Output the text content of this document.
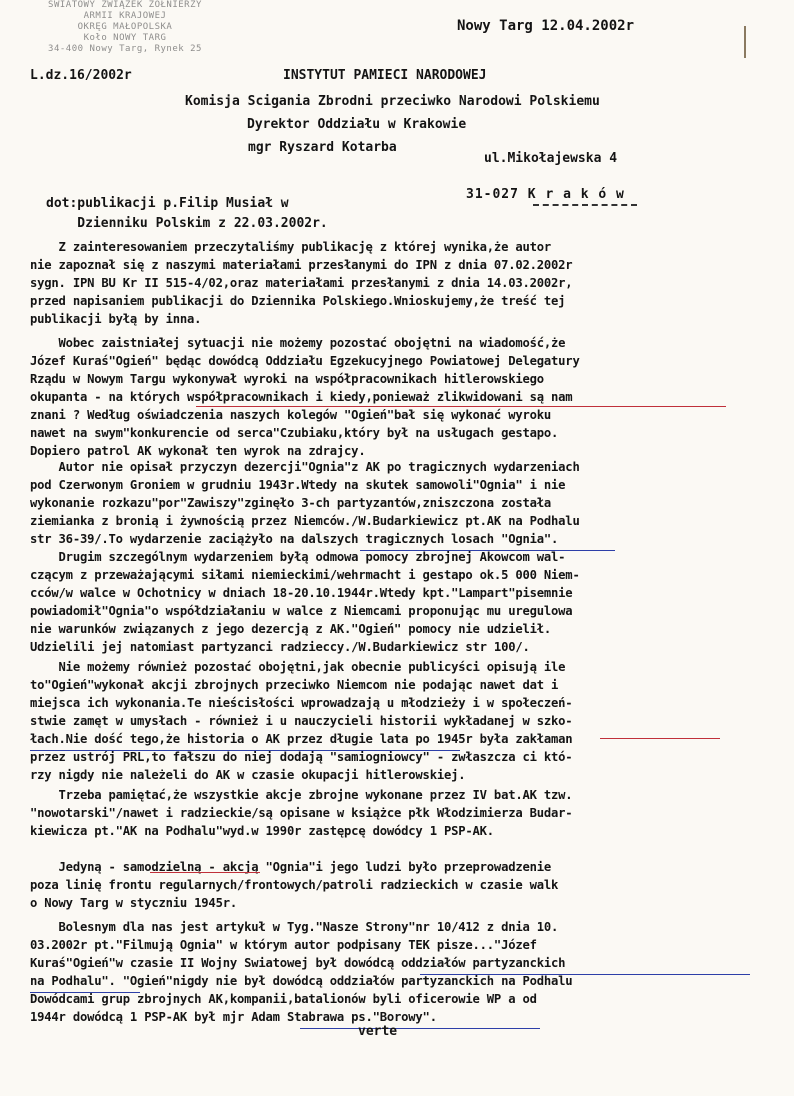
ŚWIATOWY ZWIĄZEK ŻOŁNIERZY
ARMII KRAJOWEJ
OKRĘG MAŁOPOLSKA
Koło NOWY TARG
34-400 Nowy Targ, Rynek 25
Nowy Targ 12.04.2002r
L.dz.16/2002r	INSTYTUT PAMIECI NARODOWEJ
Komisja Scigania Zbrodni przeciwko Narodowi Polskiemu
Dyrektor Oddziału w Krakowie
mgr Ryszard Kotarba
ul.Mikołajewska 4
31-027 K r a k ó w
dot:publikacji p.Filip Musiał w
Dzienniku Polskim z 22.03.2002r.
Z zainteresowaniem przeczytaliśmy publikację z której wynika,że autor
nie zapoznał się z naszymi materiałami przesłanymi do IPN z dnia 07.02.2002r
sygn. IPN BU Kr II 515-4/02,oraz materiałami przesłanymi z dnia 14.03.2002r,
przed napisaniem publikacji do Dziennika Polskiego.Wnioskujemy,że treść tej
publikacji byłą by inna.
Wobec zaistniałej sytuacji nie możemy pozostać obojętni na wiadomość,że
Józef Kuraś"Ogień" będąc dowódcą Oddziału Egzekucyjnego Powiatowej Delegatury
Rządu w Nowym Targu wykonywał wyroki na współpracownikach hitlerowskiego
okupanta - na których współpracownikach i kiedy,ponieważ zlikwidowani są nam
znani ? Według oświadczenia naszych kolegów "Ogień"bał się wykonać wyroku
nawet na swym"konkurencie od serca"Czubiaku,który był na usługach gestapo.
Dopiero patrol AK wykonał ten wyrok na zdrajcy.
Autor nie opisał przyczyn dezercji"Ognia"z AK po tragicznych wydarzeniach
pod Czerwonym Groniem w grudniu 1943r.Wtedy na skutek samowoli"Ognia" i nie
wykonanie rozkazu"por"Zawiszy"zginęło 3-ch partyzantów,zniszczona została
ziemianka z bronią i żywnością przez Niemców./W.Budarkiewicz pt.AK na Podhalu
str 36-39/.To wydarzenie zaciążyło na dalszych tragicznych losach "Ognia".
Drugim szczególnym wydarzeniem byłą odmowa pomocy zbrojnej Akowcom wal-
czącym z przeważającymi siłami niemieckimi/wehrmacht i gestapo ok.5 000 Niem-
cców/w walce w Ochotnicy w dniach 18-20.10.1944r.Wtedy kpt."Lampart"pisemnie
powiadomił"Ognia"o współdziałaniu w walce z Niemcami proponując mu uregulowa
nie warunków związanych z jego dezercją z AK."Ogień" pomocy nie udzielił.
Udzielili jej natomiast partyzanci radzieccy./W.Budarkiewicz str 100/.
Nie możemy również pozostać obojętni,jak obecnie publicyści opisują ile
to"Ogień"wykonał akcji zbrojnych przeciwko Niemcom nie podając nawet dat i
miejsca ich wykonania.Te nieścisłości wprowadzają u młodzieży i w społeczeń-
stwie zamęt w umysłach - również i u nauczycieli historii wykładanej w szko-
łach.Nie dość tego,że historia o AK przez długie lata po 1945r była zakłaman
przez ustrój PRL,to fałszu do niej dodają "samiogniowcy" - zwłaszcza ci któ-
rzy nigdy nie należeli do AK w czasie okupacji hitlerowskiej.
Trzeba pamiętać,że wszystkie akcje zbrojne wykonane przez IV bat.AK tzw.
"nowotarski"/nawet i radzieckie/są opisane w książce płk Włodzimierza Budar-
kiewicza pt."AK na Podhalu"wyd.w 1990r zastępcę dowódcy 1 PSP-AK.
Jedyną - samodzielną - akcją "Ognia"i jego ludzi było przeprowadzenie
poza linię frontu regularnych/frontowych/patroli radzieckich w czasie walk
o Nowy Targ w styczniu 1945r.
Bolesnym dla nas jest artykuł w Tyg."Nasze Strony"nr 10/412 z dnia 10.
03.2002r pt."Filmują Ognia" w którym autor podpisany TEK pisze..."Józef
Kuraś"Ogień"w czasie II Wojny Swiatowej był dowódcą oddziałów partyzanckich
na Podhalu". "Ogień"nigdy nie był dowódcą oddziałów partyzanckich na Podhalu
Dowódcami grup zbrojnych AK,kompanii,batalionów byli oficerowie WP a od
1944r dowódcą 1 PSP-AK był mjr Adam Stabrawa ps."Borowy".
verte
